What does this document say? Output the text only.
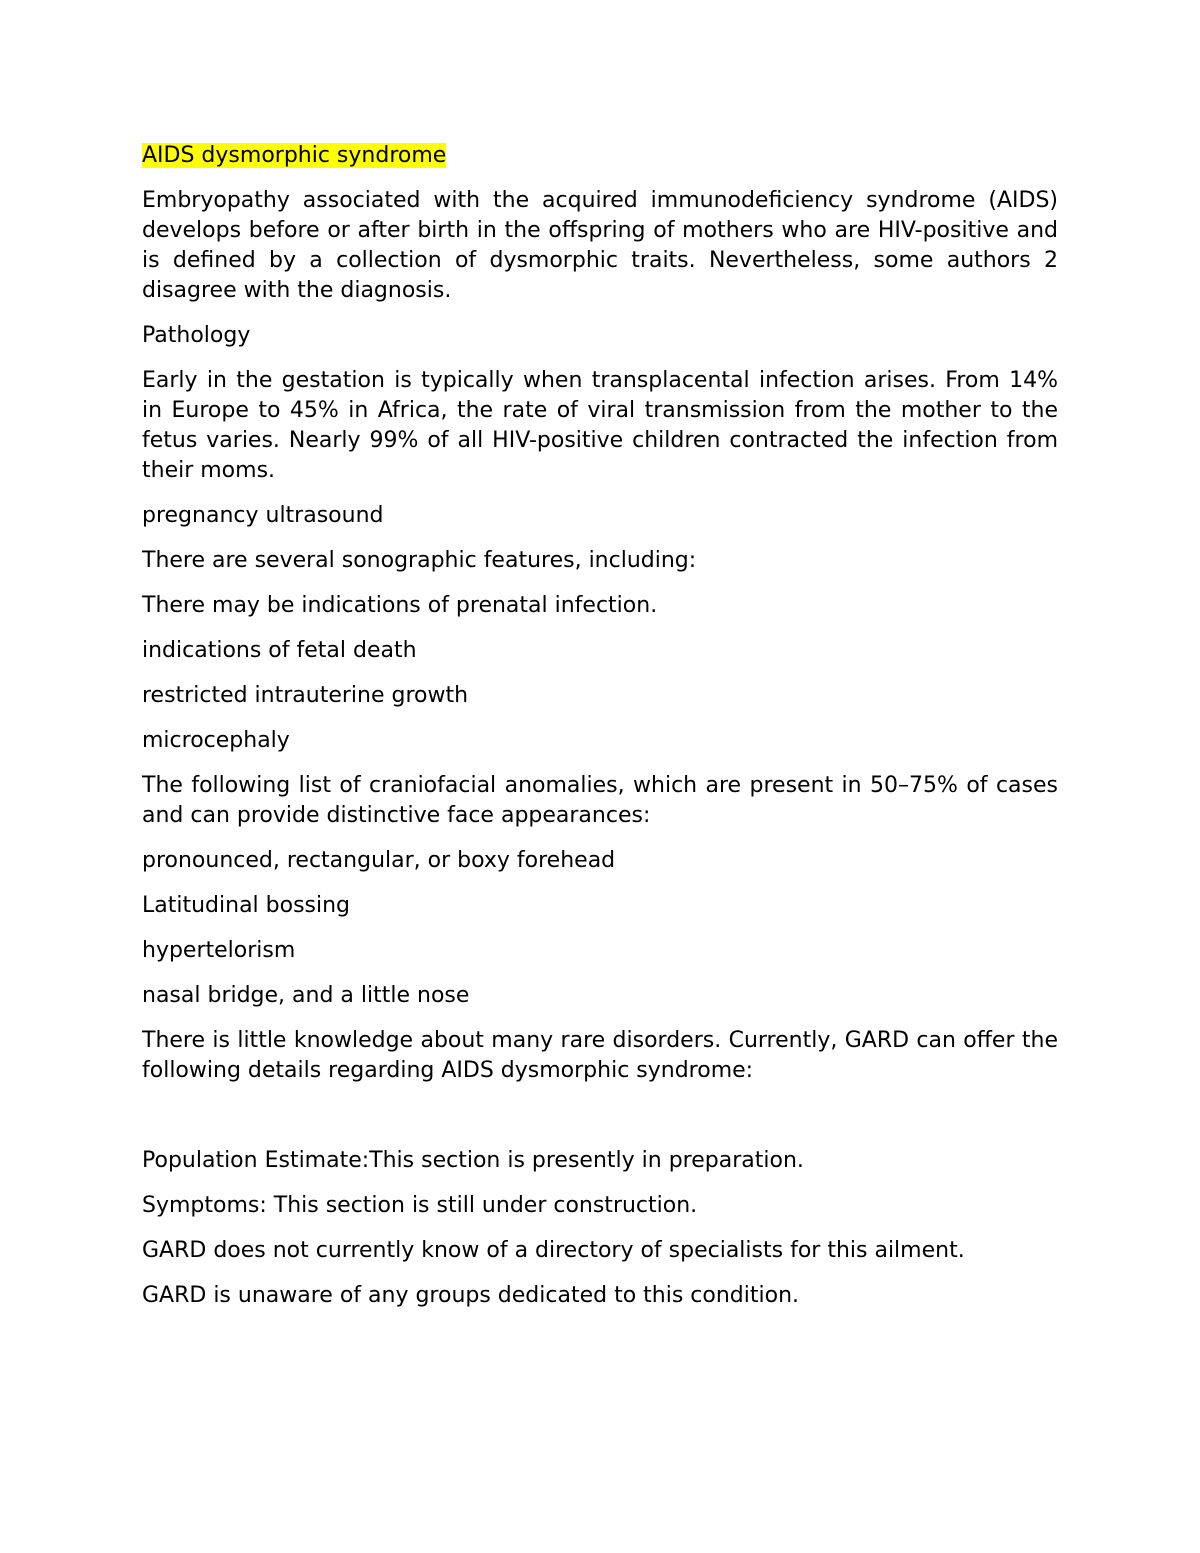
AIDS dysmorphic syndrome

Embryopathy associated with the acquired immunodeficiency syndrome (AIDS) develops before or after birth in the offspring of mothers who are HIV-positive and is defined by a collection of dysmorphic traits. Nevertheless, some authors 2 disagree with the diagnosis.

Pathology

Early in the gestation is typically when transplacental infection arises. From 14% in Europe to 45% in Africa, the rate of viral transmission from the mother to the fetus varies. Nearly 99% of all HIV-positive children contracted the infection from their moms.

pregnancy ultrasound

There are several sonographic features, including:

There may be indications of prenatal infection.

indications of fetal death

restricted intrauterine growth

microcephaly

The following list of craniofacial anomalies, which are present in 50–75% of cases and can provide distinctive face appearances:

pronounced, rectangular, or boxy forehead

Latitudinal bossing

hypertelorism

nasal bridge, and a little nose

There is little knowledge about many rare disorders. Currently, GARD can offer the following details regarding AIDS dysmorphic syndrome:

Population Estimate:This section is presently in preparation.

Symptoms: This section is still under construction.

GARD does not currently know of a directory of specialists for this ailment.

GARD is unaware of any groups dedicated to this condition.
